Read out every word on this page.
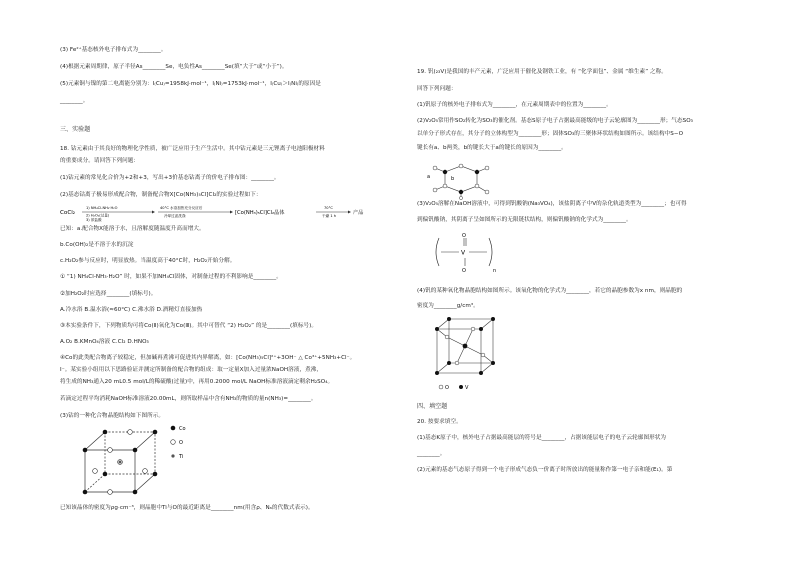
(3) Fe²⁺基态核外电子排布式为________。
(4)根据元素周期律，原子半径As________Se，电负性As________Se(填“大于”或“小于”)。
(5)元素铜与镍的第二电离能分别为：I₍Cu₎=1958kJ·mol⁻¹，I₍Ni₎=1753kJ·mol⁻¹，I₍Cu₎＞I₍Ni₎的原因是
________。
三、实验题
18. 钴元素由于其良好的物理化学性质，被广泛应用于生产生活中。其中钴元素是三元锂离子电池阳极材料
的重要成分。请回答下列问题：
(1)钴元素的常见化合价为+2和+3，写出+3价基态钴离子的价电子排布图：________。
(2)基态钴离子极易形成配合物，制备配合物X[Co(NH₃)₅Cl]Cl₂的实验过程如下：
CoCl₂
1) NH₄Cl-NH₃·H₂O
2) H₂O₂(过量)
3) 浓盐酸
40°C 水浴加热充分反应后
冷却过滤洗涤	[Co(NH₃)₅Cl]Cl₂晶体
70°C
干燥 1 h	产品
已知：a.配合物X能溶于水，且溶解度随温度升高而增大。
b.Co(OH)₂是不溶于水的沉淀
c.H₂O₂参与反应时，明显放热。当温度高于40°C时，H₂O₂开始分解。
① “1) NH₄Cl-NH₃·H₂O” 时，如果不加NH₄Cl固体，对制备过程的不利影响是________。
②加H₂O₂时应选择________(填标号)。
A.冷水浴 B.温水浴(≈60°C) C.沸水浴 D.酒精灯直接加热
③本实验条件下，下列物质均可将Co(Ⅱ)氧化为Co(Ⅲ)。其中可替代 “2) H₂O₂” 的是________(填标号)。
A.O₂ B.KMnO₄溶液 C.Cl₂ D.HNO₃
④Co的此类配合物离子较稳定，但加碱再煮沸可促进其内界解离，如：[Co(NH₃)₅Cl]²⁺+3OH⁻ △ Co³⁺+5NH₃+Cl⁻。
I⁻。某实验小组用以下思路验证并测定所制备的配合物的组成：取一定量X加入过量浓NaOH溶液，煮沸，
将生成的NH₃通入20 mL0.5 mol/L的稀硫酸(过量)中，再用0.2000 mol/L NaOH标准溶液滴定剩余H₂SO₄。
若滴定过程平均消耗NaOH标准溶液20.00mL，则所取样品中含有NH₃的物质的量n(NH₃)=________。
(3)钴的一种化合物晶胞结构如下图所示。
Co
O
Ti
已知该晶体的密度为ρg·cm⁻³，则晶胞中Ti与O的最近距离是________nm(用含ρ、Nₐ的代数式表示)。
19. 钒(₂₃V)是我国的丰产元素，广泛应用于催化及钢铁工业，有 “化学面包”、金属 “维生素” 之称。
回答下列问题：
(1)钒原子的核外电子排布式为________，在元素周期表中的位置为________。
(2)V₂O₅常用作SO₂转化为SO₃的催化剂。基态S原子电子占据最高能级的电子云轮廓图为________形；气态SO₃
以单分子形式存在，其分子的立体构型为________形；固体SO₃的三聚体环状结构如图所示。该结构中S−O
键长有a、b两类，b的键长大于a的键长的原因为________。
a	b
(3)V₂O₅溶解在NaOH溶液中，可得到钒酸钠(Na₃VO₄)，该盐阴离子中V的杂化轨道类型为________；也可得
到偏钒酸钠，其阴离子呈如图所示的无限链状结构，则偏钒酸钠的化学式为________。
V
O
O	n
(4)钒的某种氧化物晶胞结构如图所示。该氧化物的化学式为________，若它的晶胞参数为x nm，则晶胞的
密度为________g/cm³。
O	V
四、填空题
20. 按要求填空。
(1)基态K原子中，核外电子占据最高能层的符号是________，占据该能层电子的电子云轮廓图形状为
________。
(2)元素的基态气态原子得到一个电子形成气态负一价离子时所放出的能量称作第一电子亲和能(E₁)。第
